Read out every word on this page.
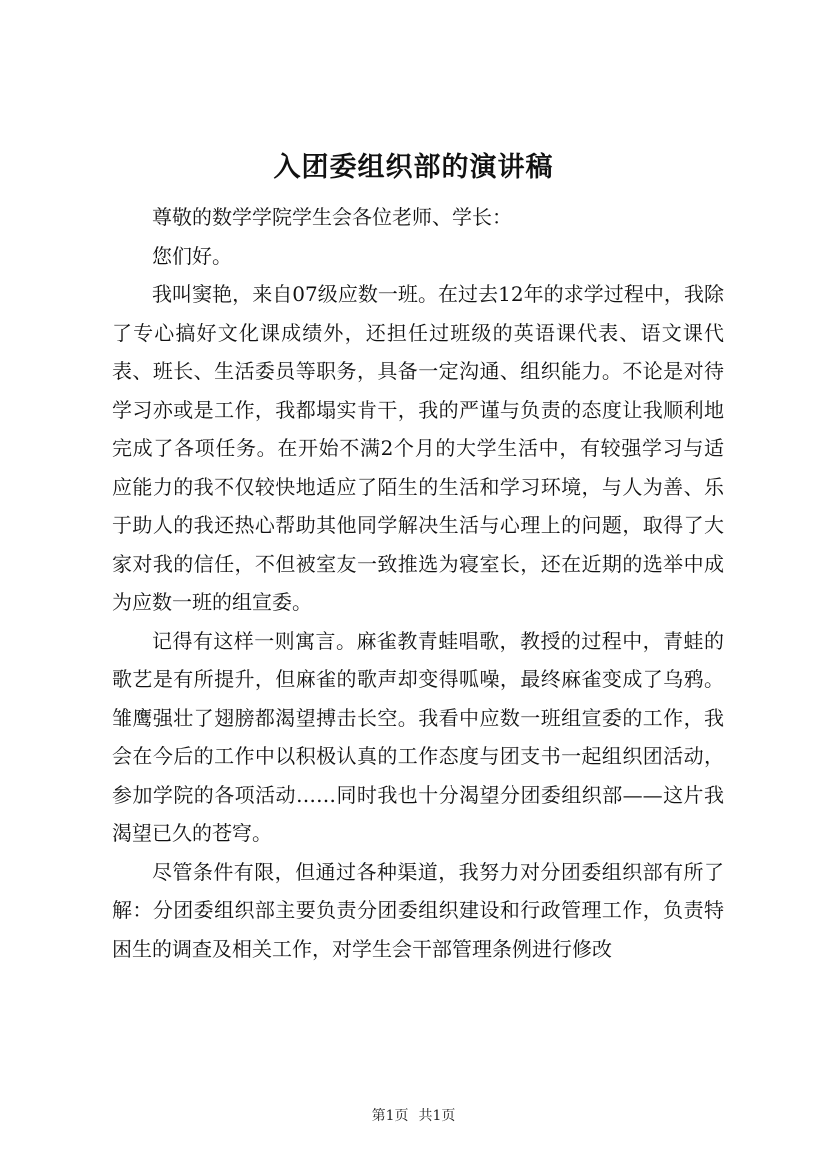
入团委组织部的演讲稿

尊敬的数学学院学生会各位老师、学长：

您们好。

我叫窦艳，来自07级应数一班。在过去12年的求学过程中，我除了专心搞好文化课成绩外，还担任过班级的英语课代表、语文课代表、班长、生活委员等职务，具备一定沟通、组织能力。不论是对待学习亦或是工作，我都塌实肯干，我的严谨与负责的态度让我顺利地完成了各项任务。在开始不满2个月的大学生活中，有较强学习与适应能力的我不仅较快地适应了陌生的生活和学习环境，与人为善、乐于助人的我还热心帮助其他同学解决生活与心理上的问题，取得了大家对我的信任，不但被室友一致推选为寝室长，还在近期的选举中成为应数一班的组宣委。

记得有这样一则寓言。麻雀教青蛙唱歌，教授的过程中，青蛙的歌艺是有所提升，但麻雀的歌声却变得呱噪，最终麻雀变成了乌鸦。雏鹰强壮了翅膀都渴望搏击长空。我看中应数一班组宣委的工作，我会在今后的工作中以积极认真的工作态度与团支书一起组织团活动，参加学院的各项活动……同时我也十分渴望分团委组织部——这片我渴望已久的苍穹。

尽管条件有限，但通过各种渠道，我努力对分团委组织部有所了解：分团委组织部主要负责分团委组织建设和行政管理工作，负责特困生的调查及相关工作，对学生会干部管理条例进行修改

第1页 共1页
